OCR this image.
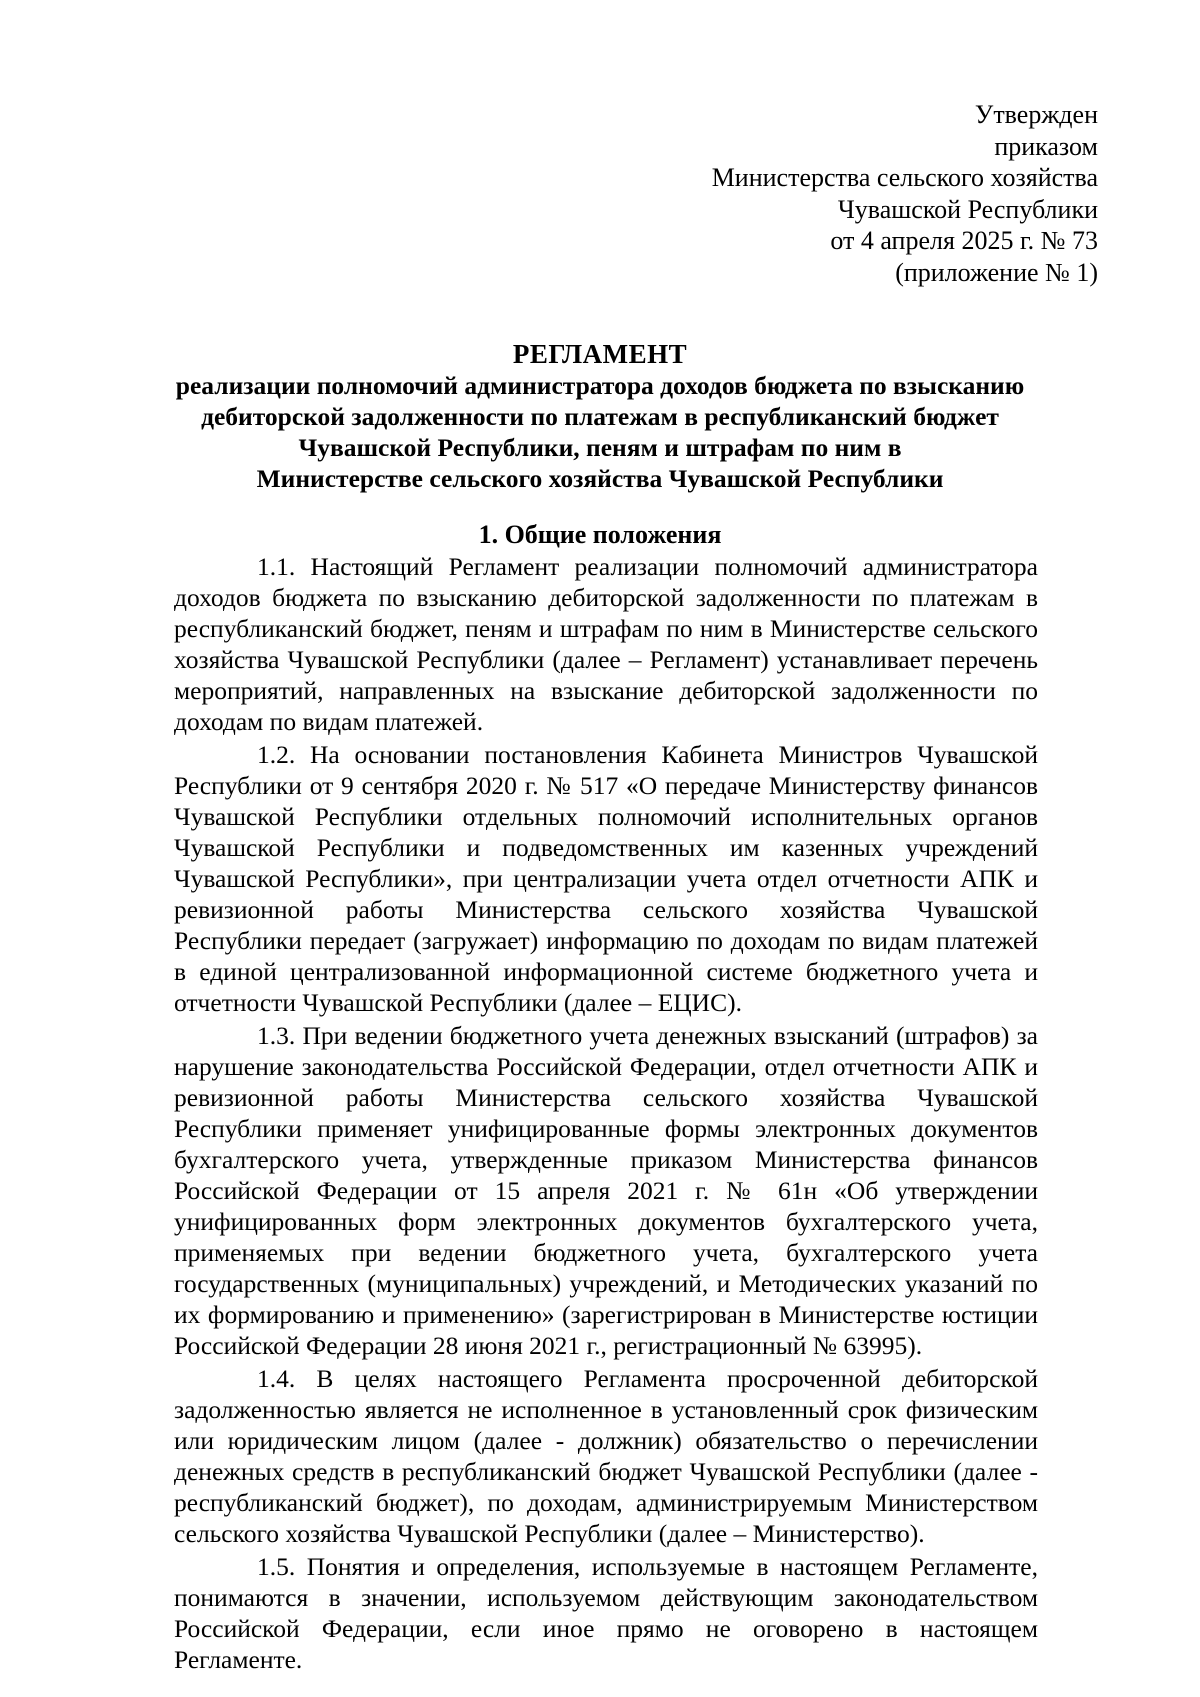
Утвержден
приказом
Министерства сельского хозяйства
Чувашской Республики
от 4 апреля 2025 г. № 73
(приложение № 1)
РЕГЛАМЕНТ
реализации полномочий администратора доходов бюджета по взысканию
дебиторской задолженности по платежам в республиканский бюджет
Чувашской Республики, пеням и штрафам по ним в
Министерстве сельского хозяйства Чувашской Республики
1. Общие положения

1.1. Настоящий Регламент реализации полномочий администратора доходов бюджета по взысканию дебиторской задолженности по платежам в республиканский бюджет, пеням и штрафам по ним в Министерстве сельского хозяйства Чувашской Республики (далее – Регламент) устанавливает перечень мероприятий, направленных на взыскание дебиторской задолженности по доходам по видам платежей.

1.2. На основании постановления Кабинета Министров Чувашской Республики от 9 сентября 2020 г. № 517 «О передаче Министерству финансов Чувашской Республики отдельных полномочий исполнительных органов Чувашской Республики и подведомственных им казенных учреждений Чувашской Республики», при централизации учета отдел отчетности АПК и ревизионной работы Министерства сельского хозяйства Чувашской Республики передает (загружает) информацию по доходам по видам платежей в единой централизованной информационной системе бюджетного учета и отчетности Чувашской Республики (далее – ЕЦИС).

1.3. При ведении бюджетного учета денежных взысканий (штрафов) за нарушение законодательства Российской Федерации, отдел отчетности АПК и ревизионной работы Министерства сельского хозяйства Чувашской Республики применяет унифицированные формы электронных документов бухгалтерского учета, утвержденные приказом Министерства финансов Российской Федерации от 15 апреля 2021 г. № 61н «Об утверждении унифицированных форм электронных документов бухгалтерского учета, применяемых при ведении бюджетного учета, бухгалтерского учета государственных (муниципальных) учреждений, и Методических указаний по их формированию и применению» (зарегистрирован в Министерстве юстиции Российской Федерации 28 июня 2021 г., регистрационный № 63995).

1.4. В целях настоящего Регламента просроченной дебиторской задолженностью является не исполненное в установленный срок физическим или юридическим лицом (далее - должник) обязательство о перечислении денежных средств в республиканский бюджет Чувашской Республики (далее - республиканский бюджет), по доходам, администрируемым Министерством сельского хозяйства Чувашской Республики (далее – Министерство).

1.5. Понятия и определения, используемые в настоящем Регламенте, понимаются в значении, используемом действующим законодательством Российской Федерации, если иное прямо не оговорено в настоящем Регламенте.
